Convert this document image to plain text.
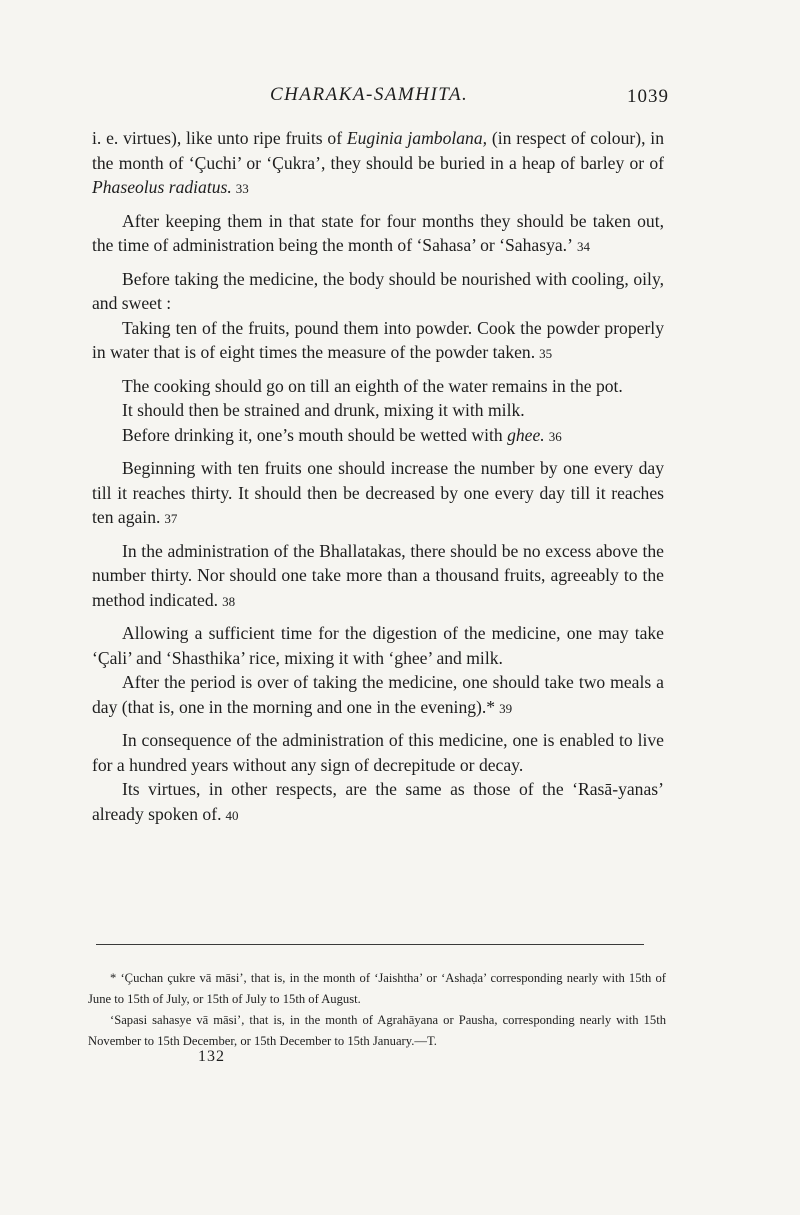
CHARAKA-SAMHITA.	1039

i. e. virtues), like unto ripe fruits of Euginia jambolana, (in respect of colour), in the month of ‘Çuchi’ or ‘Çukra’, they should be buried in a heap of barley or of Phaseolus radiatus. 33

After keeping them in that state for four months they should be taken out, the time of administration being the month of ‘Sahasa’ or ‘Sahasya.’ 34

Before taking the medicine, the body should be nourished with cooling, oily, and sweet :

Taking ten of the fruits, pound them into powder. Cook the powder properly in water that is of eight times the measure of the powder taken. 35

The cooking should go on till an eighth of the water remains in the pot.

It should then be strained and drunk, mixing it with milk.

Before drinking it, one’s mouth should be wetted with ghee. 36

Beginning with ten fruits one should increase the number by one every day till it reaches thirty. It should then be decreased by one every day till it reaches ten again. 37

In the administration of the Bhallatakas, there should be no excess above the number thirty. Nor should one take more than a thousand fruits, agreeably to the method indicated. 38

Allowing a sufficient time for the digestion of the medicine, one may take ‘Çali’ and ‘Shasthika’ rice, mixing it with ‘ghee’ and milk.

After the period is over of taking the medicine, one should take two meals a day (that is, one in the morning and one in the evening).* 39

In consequence of the administration of this medicine, one is enabled to live for a hundred years without any sign of decrepitude or decay.

Its virtues, in other respects, are the same as those of the ‘Rasā-yanas’ already spoken of. 40

* ‘Çuchan çukre vā māsi’, that is, in the month of ‘Jaishtha’ or ‘Ashaḍa’ corresponding nearly with 15th of June to 15th of July, or 15th of July to 15th of August.

‘Sapasi sahasye vā māsi’, that is, in the month of Agrahāyana or Pausha, corresponding nearly with 15th November to 15th December, or 15th December to 15th January.—T.

132
